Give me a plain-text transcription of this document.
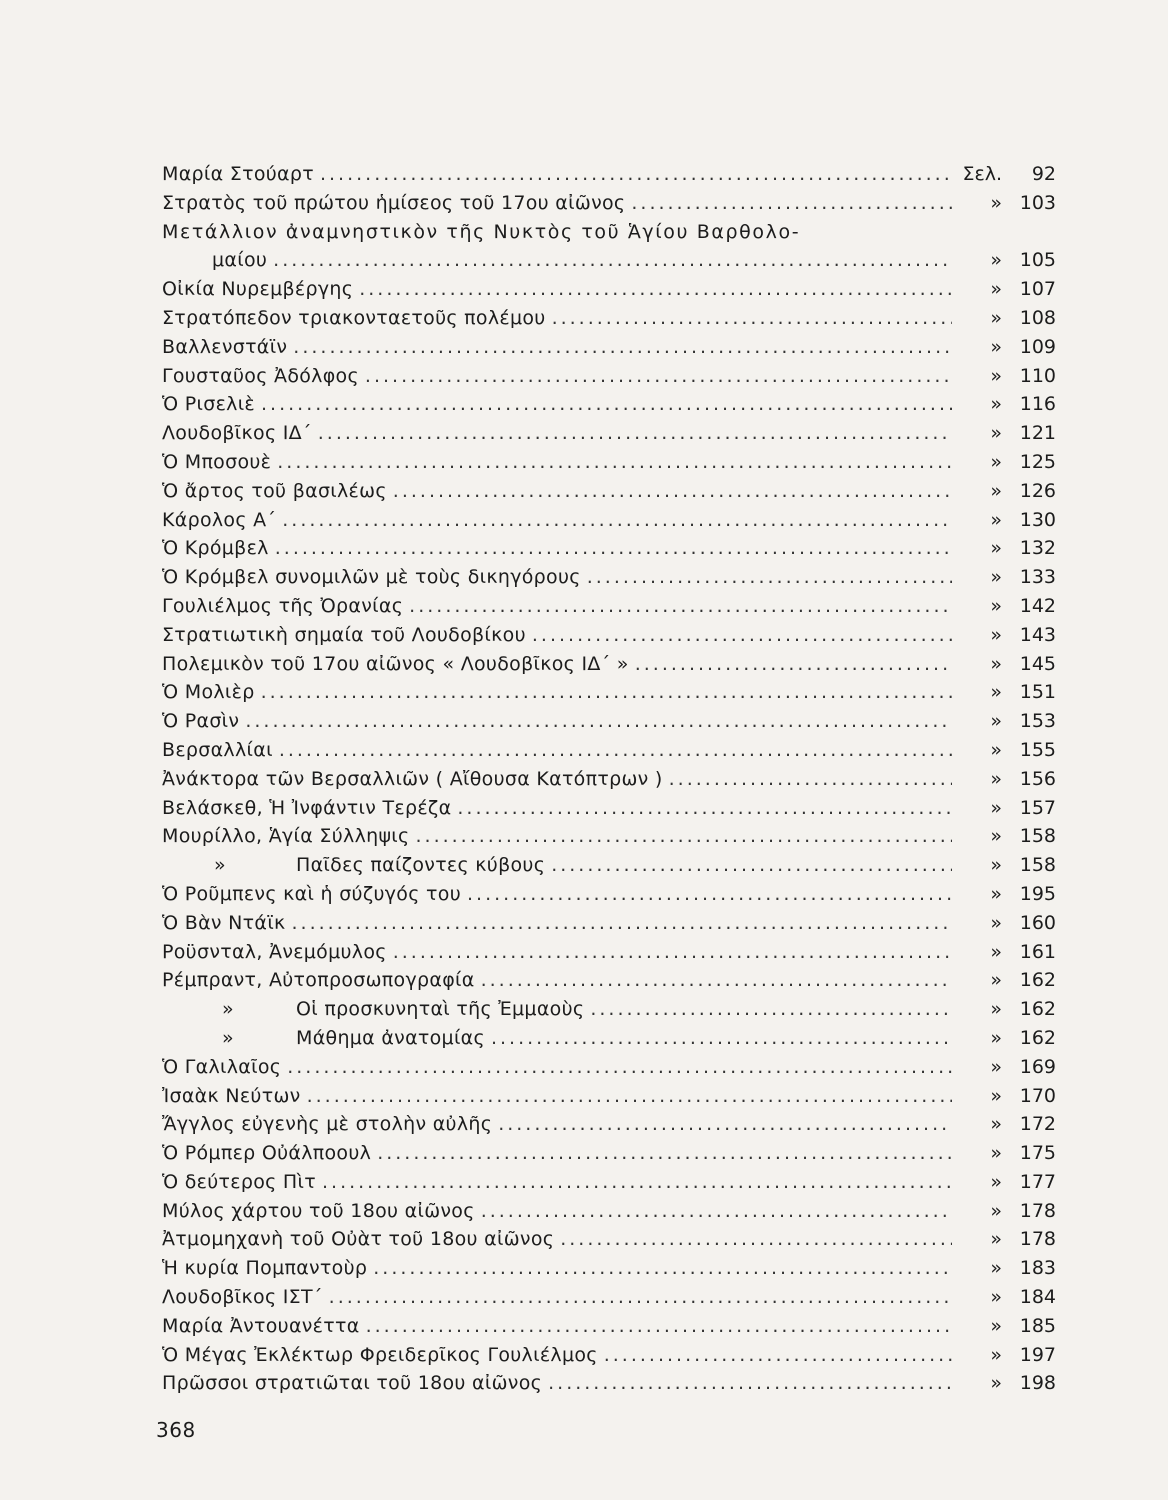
Μαρία Στούαρτ .....	Σελ.	92
Στρατὸς τοῦ πρώτου ἡμίσεος τοῦ 17ου αἰῶνος .....	» 103
Μετάλλιον ἀναμνηστικὸν τῆς Νυκτὸς τοῦ Ἁγίου Βαρθολο-
μαίου .....	» 105
Οἰκία Νυρεμβέργης .....	» 107
Στρατόπεδον τριακονταετοῦς πολέμου .....	» 108
Βαλλενστάϊν .....	» 109
Γουσταῦος Ἀδόλφος .....	» 110
Ὁ Ρισελιὲ .....	» 116
Λουδοβῖκος ΙΔ΄ .....	» 121
Ὁ Μποσουὲ .....	» 125
Ὁ ἄρτος τοῦ βασιλέως .....	» 126
Κάρολος Α΄ .....	» 130
Ὁ Κρόμβελ .....	» 132
Ὁ Κρόμβελ συνομιλῶν μὲ τοὺς δικηγόρους .....	» 133
Γουλιέλμος τῆς Ὀρανίας .....	» 142
Στρατιωτικὴ σημαία τοῦ Λουδοβίκου .....	» 143
Πολεμικὸν τοῦ 17ου αἰῶνος « Λουδοβῖκος ΙΔ΄ » .....	» 145
Ὁ Μολιὲρ .....	» 151
Ὁ Ρασὶν .....	» 153
Βερσαλλίαι .....	» 155
Ἀνάκτορα τῶν Βερσαλλιῶν ( Αἴθουσα Κατόπτρων ) .....	» 156
Βελάσκεθ, Ἡ Ἰνφάντιν Τερέζα .....	» 157
Μουρίλλο, Ἁγία Σύλληψις .....	» 158
»	Παῖδες παίζοντες κύβους .....	» 158
Ὁ Ροῦμπενς καὶ ἡ σύζυγός του .....	» 195
Ὁ Βὰν Ντάϊκ .....	» 160
Ροϋσνταλ, Ἀνεμόμυλος .....	» 161
Ρέμπραντ, Αὐτοπροσωπογραφία .....	» 162
»	Οἱ προσκυνηταὶ τῆς Ἐμμαοὺς .....	» 162
»	Μάθημα ἀνατομίας .....	» 162
Ὁ Γαλιλαῖος .....	» 169
Ἰσαὰκ Νεύτων .....	» 170
Ἄγγλος εὐγενὴς μὲ στολὴν αὐλῆς .....	» 172
Ὁ Ρόμπερ Οὐάλποουλ .....	» 175
Ὁ δεύτερος Πὶτ .....	» 177
Μύλος χάρτου τοῦ 18ου αἰῶνος .....	» 178
Ἀτμομηχανὴ τοῦ Οὐὰτ τοῦ 18ου αἰῶνος .....	» 178
Ἡ κυρία Πομπαντοὺρ .....	» 183
Λουδοβῖκος ΙΣΤ΄ .....	» 184
Μαρία Ἀντουανέττα .....	» 185
Ὁ Μέγας Ἐκλέκτωρ Φρειδερῖκος Γουλιέλμος .....	» 197
Πρῶσσοι στρατιῶται τοῦ 18ου αἰῶνος .....	» 198
368
